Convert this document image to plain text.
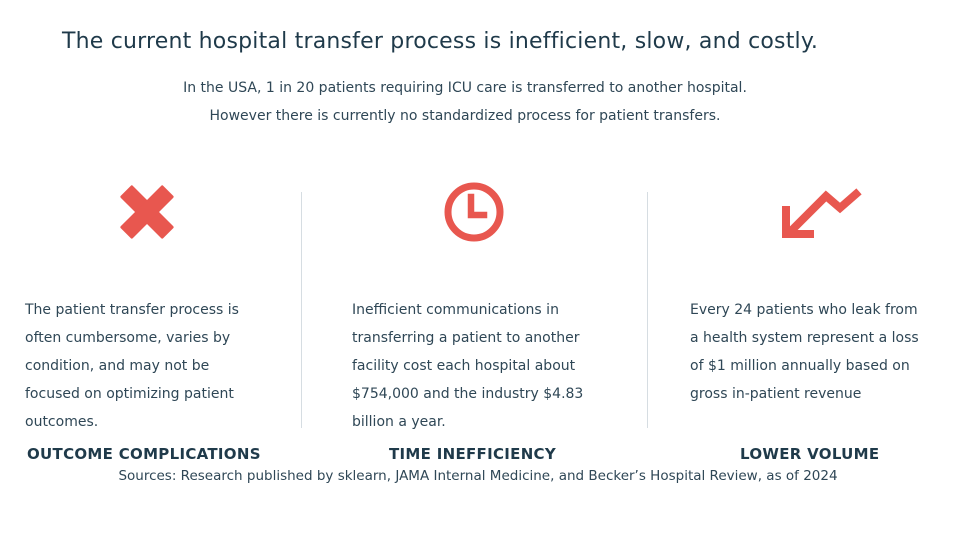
The current hospital transfer process is inefficient, slow, and costly.

In the USA, 1 in 20 patients requiring ICU care is transferred to another hospital.

However there is currently no standardized process for patient transfers.

OUTCOME COMPLICATIONS

The patient transfer process is
often cumbersome, varies by
condition, and may not be
focused on optimizing patient
outcomes.

TIME INEFFICIENCY

Inefficient communications in
transferring a patient to another
facility cost each hospital about
$754,000 and the industry $4.83
billion a year.

LOWER VOLUME

Every 24 patients who leak from
a health system represent a loss
of $1 million annually based on
gross in-patient revenue

Sources: Research published by sklearn, JAMA Internal Medicine, and Becker’s Hospital Review, as of 2024
